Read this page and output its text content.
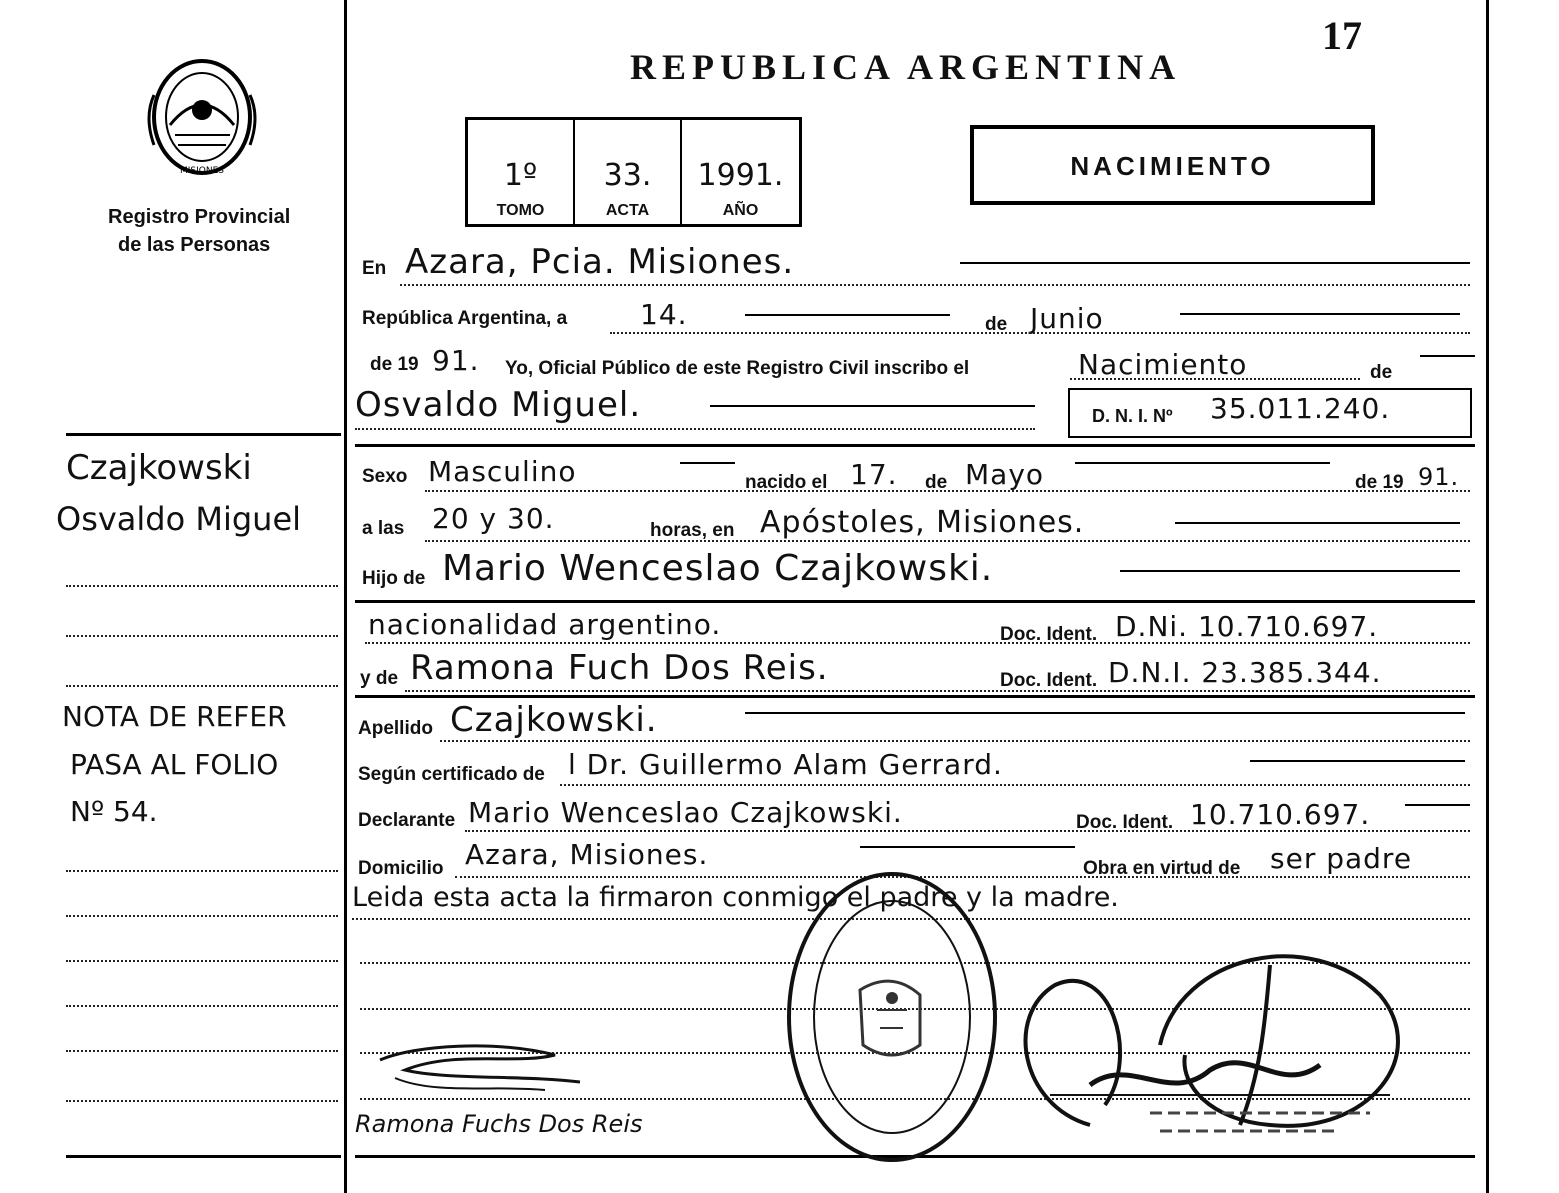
17
MISIONES
Registro Provincial
de las Personas
REPUBLICA ARGENTINA
1º
TOMO
33.
ACTA
1991.
AÑO
NACIMIENTO
Czajkowski
Osvaldo Miguel
NOTA DE REFER
PASA AL FOLIO
Nº 54.
En Azara, Pcia. Misiones.
República Argentina, a	14.	de Junio
de 19 91. Yo, Oficial Público de este Registro Civil inscribo el	Nacimiento	de
Osvaldo Miguel.	D. N. I. Nº 35.011.240.
Sexo Masculino	nacido el 17. de Mayo	de 19 91.
a las 20 y 30.	horas, en Apóstoles, Misiones.
Hijo de Mario Wenceslao Czajkowski.
nacionalidad argentino.	Doc. Ident. D.Ni. 10.710.697.
y de Ramona Fuch Dos Reis.	Doc. Ident. D.N.I. 23.385.344.
Apellido Czajkowski.
Según certificado de l Dr. Guillermo Alam Gerrard.
Declarante Mario Wenceslao Czajkowski.	Doc. Ident. 10.710.697.
Domicilio Azara, Misiones.	Obra en virtud de ser padre
Leida esta acta la firmaron conmigo el padre y la madre.
Ramona Fuchs Dos Reis
